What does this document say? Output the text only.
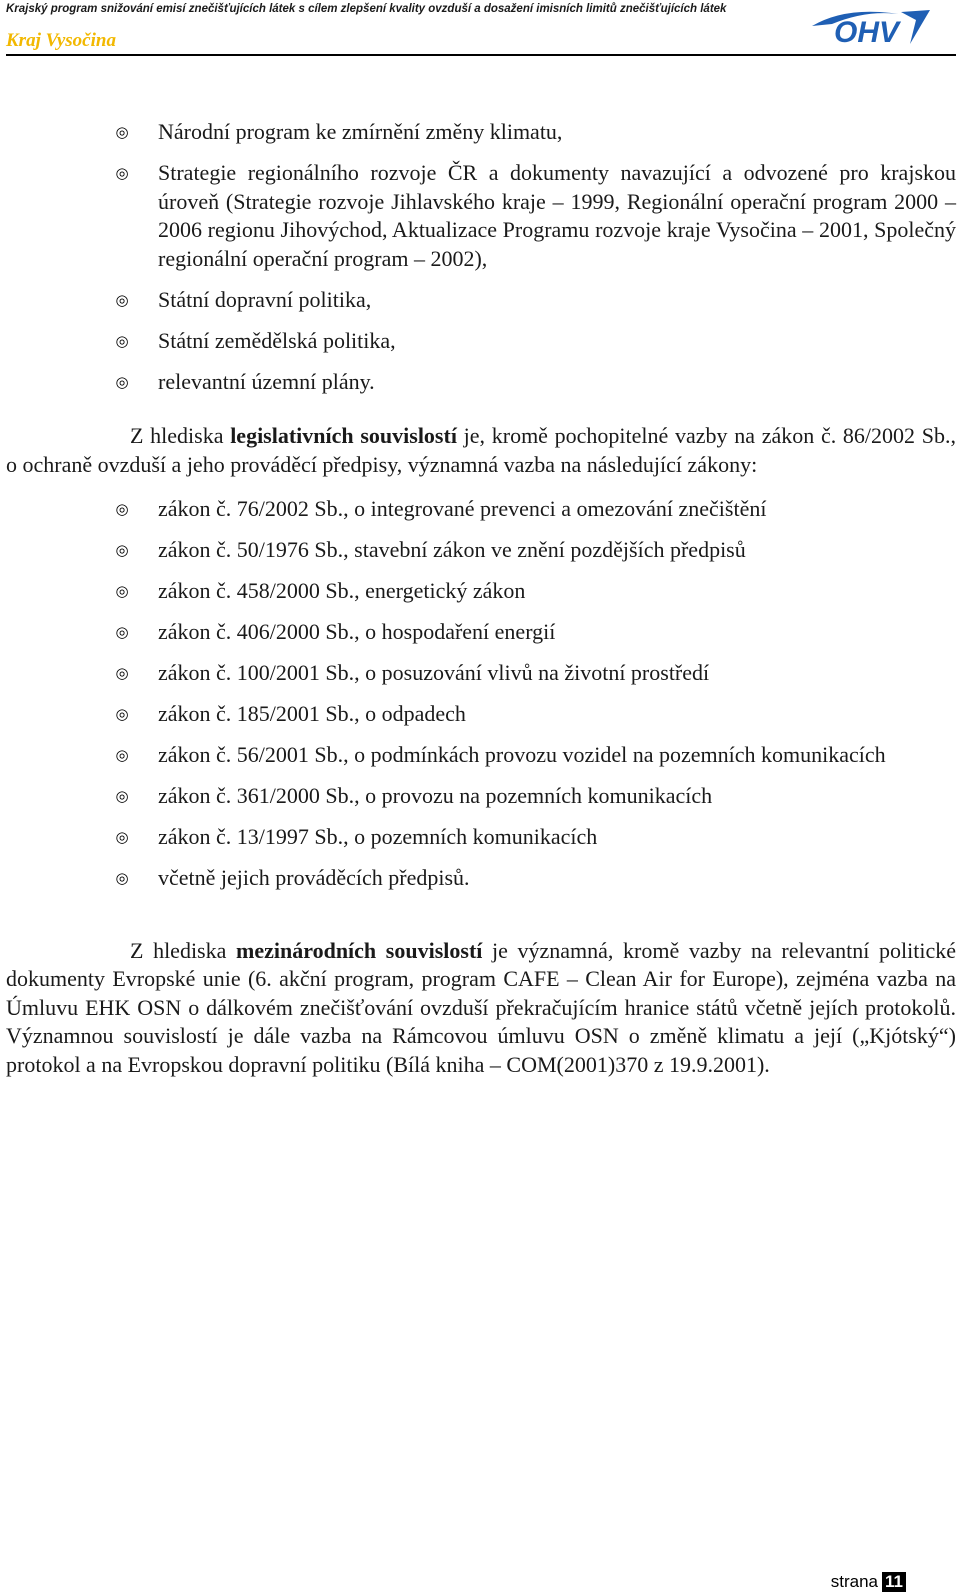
Krajský program snižování emisí znečišťujících látek s cílem zlepšení kvality ovzduší a dosažení imisních limitů znečišťujících látek
Kraj Vysočina	OHV
◎ Národní program ke zmírnění změny klimatu,
◎ Strategie regionálního rozvoje ČR a dokumenty navazující a odvozené pro krajskou úroveň (Strategie rozvoje Jihlavského kraje – 1999, Regionální operační program 2000 – 2006 regionu Jihovýchod, Aktualizace Programu rozvoje kraje Vysočina – 2001, Společný regionální operační program – 2002),
◎ Státní dopravní politika,
◎ Státní zemědělská politika,
◎ relevantní územní plány.

Z hlediska legislativních souvislostí je, kromě pochopitelné vazby na zákon č. 86/2002 Sb., o ochraně ovzduší a jeho prováděcí předpisy, významná vazba na následující zákony:

◎ zákon č. 76/2002 Sb., o integrované prevenci a omezování znečištění
◎ zákon č. 50/1976 Sb., stavební zákon ve znění pozdějších předpisů
◎ zákon č. 458/2000 Sb., energetický zákon
◎ zákon č. 406/2000 Sb., o hospodaření energií
◎ zákon č. 100/2001 Sb., o posuzování vlivů na životní prostředí
◎ zákon č. 185/2001 Sb., o odpadech
◎ zákon č. 56/2001 Sb., o podmínkách provozu vozidel na pozemních komunikacích
◎ zákon č. 361/2000 Sb., o provozu na pozemních komunikacích
◎ zákon č. 13/1997 Sb., o pozemních komunikacích
◎ včetně jejich prováděcích předpisů.

Z hlediska mezinárodních souvislostí je významná, kromě vazby na relevantní politické dokumenty Evropské unie (6. akční program, program CAFE – Clean Air for Europe), zejména vazba na Úmluvu EHK OSN o dálkovém znečišťování ovzduší překračujícím hranice států včetně jejích protokolů. Významnou souvislostí je dále vazba na Rámcovou úmluvu OSN o změně klimatu a její („Kjótský“) protokol a na Evropskou dopravní politiku (Bílá kniha – COM(2001)370 z 19.9.2001).

strana 11
